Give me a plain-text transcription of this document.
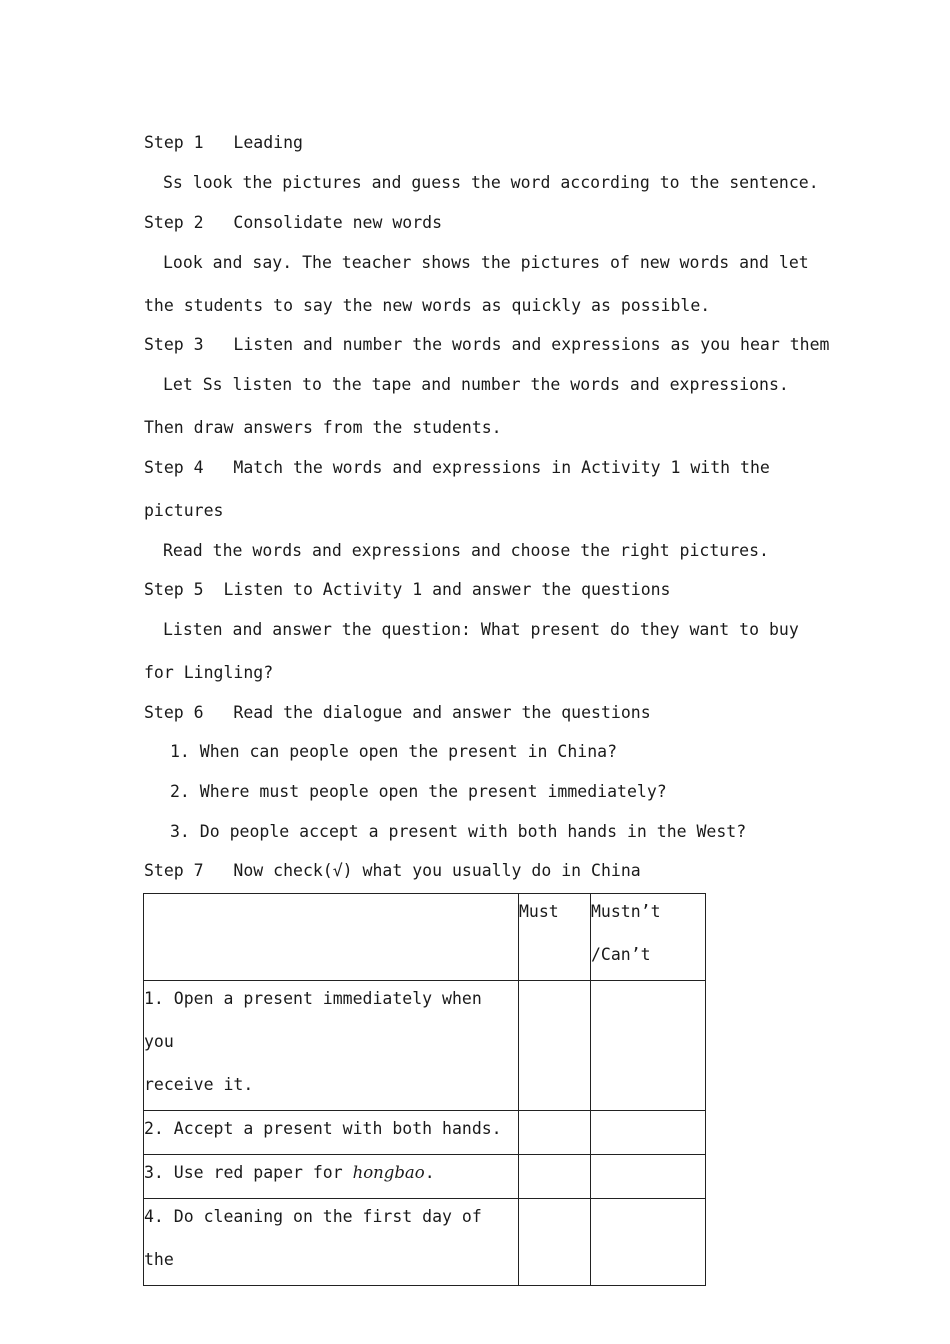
Step 1   Leading
Ss look the pictures and guess the word according to the sentence.
Step 2   Consolidate new words
Look and say. The teacher shows the pictures of new words and let
the students to say the new words as quickly as possible.
Step 3   Listen and number the words and expressions as you hear them
Let Ss listen to the tape and number the words and expressions.
Then draw answers from the students.
Step 4   Match the words and expressions in Activity 1 with the
pictures
Read the words and expressions and choose the right pictures.
Step 5  Listen to Activity 1 and answer the questions
Listen and answer the question: What present do they want to buy
for Lingling?
Step 6   Read the dialogue and answer the questions
1. When can people open the present in China?
2. Where must people open the present immediately?
3. Do people accept a present with both hands in the West?
Step 7   Now check(√) what you usually do in China

	Must	Mustn’t
/Can’t

1. Open a present immediately when you
receive it.		

2. Accept a present with both hands.		

3. Use red paper for hongbao.		

4. Do cleaning on the first day of the		
